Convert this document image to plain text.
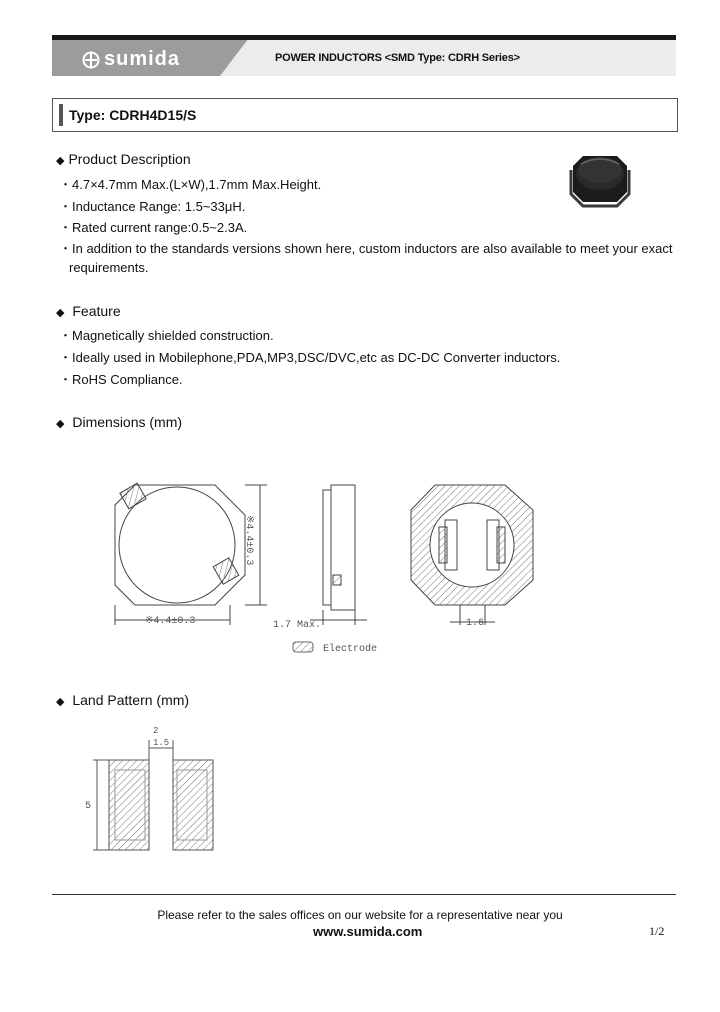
sumida	POWER INDUCTORS <SMD Type: CDRH Series>
Type: CDRH4D15/S
◆ Product Description
・4.7×4.7mm Max.(L×W),1.7mm Max.Height.
・Inductance Range: 1.5~33μH.
・Rated current range:0.5~2.3A.
・In addition to the standards versions shown here, custom inductors are also available to meet your exact
requirements.
◆ Feature
・Magnetically shielded construction.
・Ideally used in Mobilephone,PDA,MP3,DSC/DVC,etc as DC-DC Converter inductors.
・RoHS Compliance.
◆ Dimensions (mm)
※4.4±0.3
※4.4±0.3
1.7 Max.	1.6
Electrode
◆ Land Pattern (mm)
1.5
2
5
Please refer to the sales offices on our website for a representative near you
www.sumida.com	1/2
